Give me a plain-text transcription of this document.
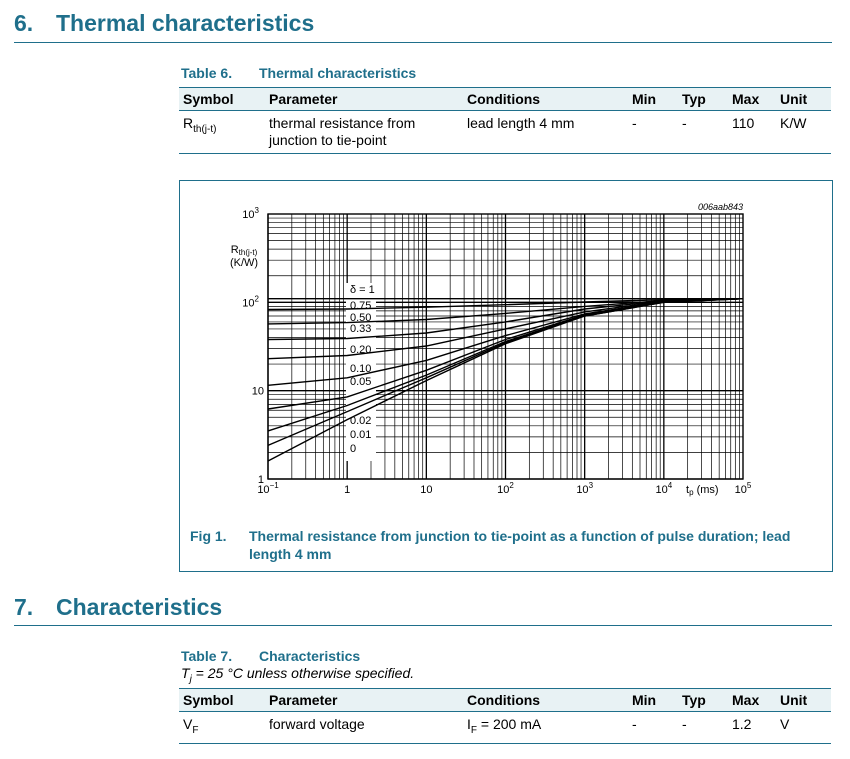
6. Thermal characteristics
Table 6. Thermal characteristics
Symbol	Parameter	Conditions	Min	Typ	Max	Unit
$R_{th(j-t)}$	thermal resistance from junction to tie-point	lead length 4 mm	-	-	110	K/W
δ = 1
0.75
0.50
0.33
0.20
0.10
0.05
0.02
0.01
0
1
10
$10^2$
$10^3$
$10^{-1}$	1	10	$10^2$	$10^3$	$10^4$	$10^5$
Rth(j-t)
(K/W)
tp (ms)
006aab843
Fig 1. Thermal resistance from junction to tie-point as a function of pulse duration; lead length 4 mm
7. Characteristics
Table 7. Characteristics
$T_j = 25$ °C unless otherwise specified.
Symbol	Parameter	Conditions	Min	Typ	Max	Unit
$V_F$	forward voltage	$I_F = 200$ mA	-	-	1.2	V
